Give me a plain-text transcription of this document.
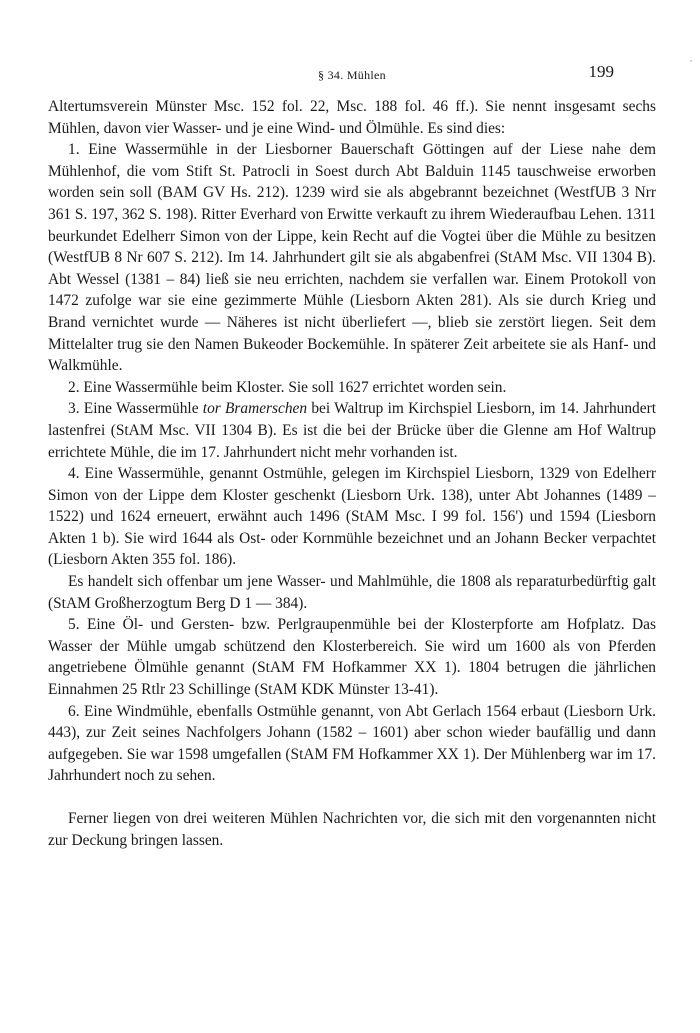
§ 34. Mühlen	199

Altertumsverein Münster Msc. 152 fol. 22, Msc. 188 fol. 46 ff.). Sie nennt insgesamt sechs Mühlen, davon vier Wasser- und je eine Wind- und Ölmühle. Es sind dies:

1. Eine Wassermühle in der Liesborner Bauerschaft Göttingen auf der Liese nahe dem Mühlenhof, die vom Stift St. Patrocli in Soest durch Abt Balduin 1145 tauschweise erworben worden sein soll (BAM GV Hs. 212). 1239 wird sie als abgebrannt bezeichnet (WestfUB 3 Nrr 361 S. 197, 362 S. 198). Ritter Everhard von Erwitte verkauft zu ihrem Wiederaufbau Lehen. 1311 beurkundet Edelherr Simon von der Lippe, kein Recht auf die Vogtei über die Mühle zu besitzen (WestfUB 8 Nr 607 S. 212). Im 14. Jahrhundert gilt sie als abgabenfrei (StAM Msc. VII 1304 B). Abt Wessel (1381 – 84) ließ sie neu errichten, nachdem sie verfallen war. Einem Protokoll von 1472 zufolge war sie eine gezimmerte Mühle (Liesborn Akten 281). Als sie durch Krieg und Brand vernichtet wurde — Näheres ist nicht überliefert —, blieb sie zerstört liegen. Seit dem Mittelalter trug sie den Namen Bukeoder Bockemühle. In späterer Zeit arbeitete sie als Hanf- und Walkmühle.

2. Eine Wassermühle beim Kloster. Sie soll 1627 errichtet worden sein.

3. Eine Wassermühle tor Bramerschen bei Waltrup im Kirchspiel Liesborn, im 14. Jahrhundert lastenfrei (StAM Msc. VII 1304 B). Es ist die bei der Brücke über die Glenne am Hof Waltrup errichtete Mühle, die im 17. Jahrhundert nicht mehr vorhanden ist.

4. Eine Wassermühle, genannt Ostmühle, gelegen im Kirchspiel Liesborn, 1329 von Edelherr Simon von der Lippe dem Kloster geschenkt (Liesborn Urk. 138), unter Abt Johannes (1489 – 1522) und 1624 erneuert, erwähnt auch 1496 (StAM Msc. I 99 fol. 156') und 1594 (Liesborn Akten 1 b). Sie wird 1644 als Ost- oder Kornmühle bezeichnet und an Johann Becker verpachtet (Liesborn Akten 355 fol. 186).

Es handelt sich offenbar um jene Wasser- und Mahlmühle, die 1808 als reparaturbedürftig galt (StAM Großherzogtum Berg D 1 — 384).

5. Eine Öl- und Gersten- bzw. Perlgraupenmühle bei der Klosterpforte am Hofplatz. Das Wasser der Mühle umgab schützend den Klosterbereich. Sie wird um 1600 als von Pferden angetriebene Ölmühle genannt (StAM FM Hofkammer XX 1). 1804 betrugen die jährlichen Einnahmen 25 Rtlr 23 Schillinge (StAM KDK Münster 13-41).

6. Eine Windmühle, ebenfalls Ostmühle genannt, von Abt Gerlach 1564 erbaut (Liesborn Urk. 443), zur Zeit seines Nachfolgers Johann (1582 – 1601) aber schon wieder baufällig und dann aufgegeben. Sie war 1598 umgefallen (StAM FM Hofkammer XX 1). Der Mühlenberg war im 17. Jahrhundert noch zu sehen.

Ferner liegen von drei weiteren Mühlen Nachrichten vor, die sich mit den vorgenannten nicht zur Deckung bringen lassen.
